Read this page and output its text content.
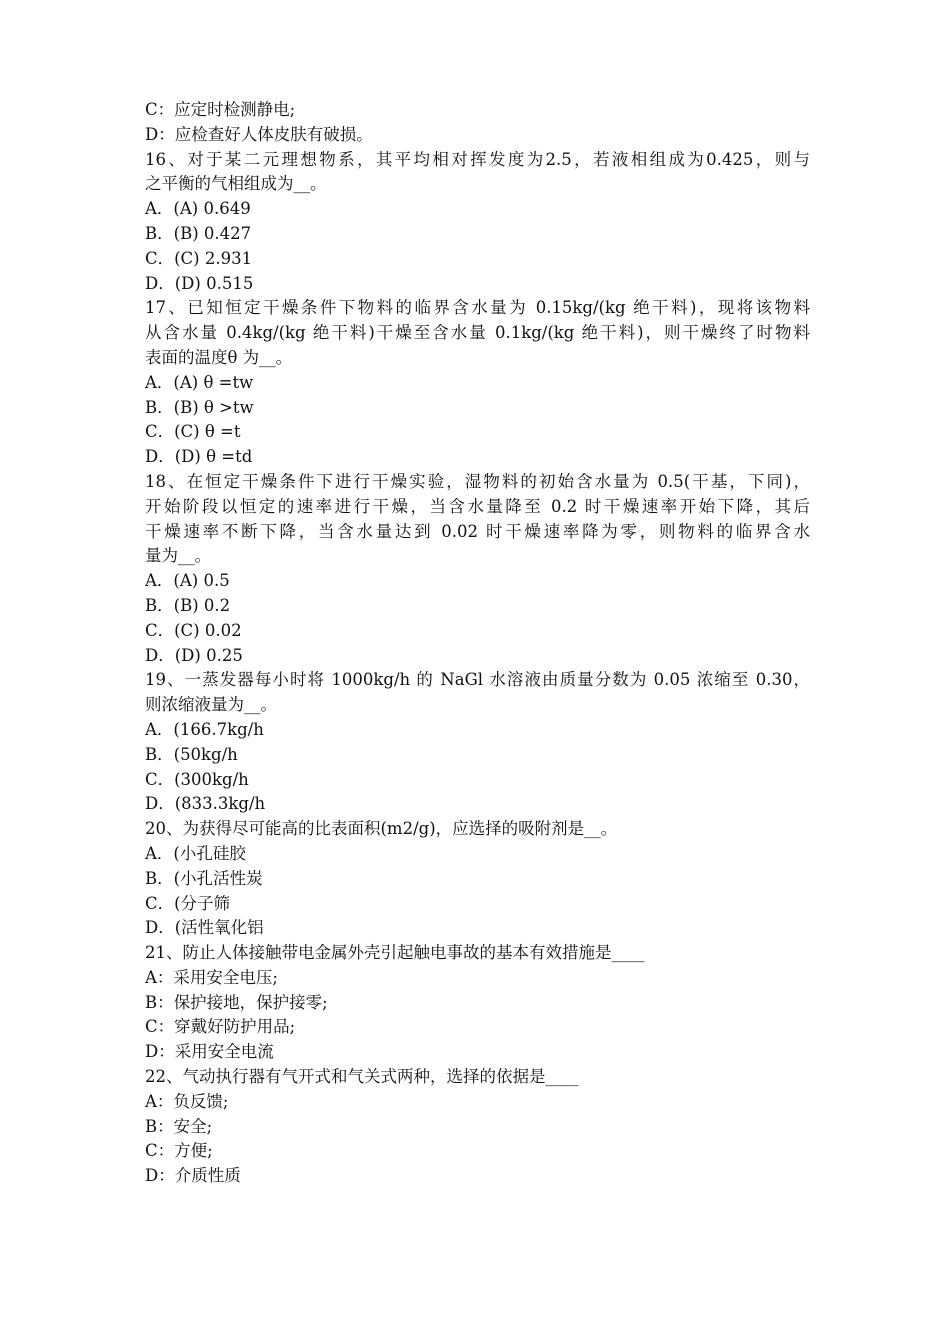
C：应定时检测静电;
D：应检查好人体皮肤有破损。
16、对于某二元理想物系，其平均相对挥发度为2.5，若液相组成为0.425，则与
之平衡的气相组成为__。
A．(A) 0.649
B．(B) 0.427
C．(C) 2.931
D．(D) 0.515
17、已知恒定干燥条件下物料的临界含水量为 0.15kg/(kg 绝干料)，现将该物料
从含水量 0.4kg/(kg 绝干料)干燥至含水量 0.1kg/(kg 绝干料)，则干燥终了时物料
表面的温度θ 为__。
A．(A) θ =tw
B．(B) θ >tw
C．(C) θ =t
D．(D) θ =td
18、在恒定干燥条件下进行干燥实验，湿物料的初始含水量为 0.5(干基，下同)，
开始阶段以恒定的速率进行干燥，当含水量降至 0.2 时干燥速率开始下降，其后
干燥速率不断下降，当含水量达到 0.02 时干燥速率降为零，则物料的临界含水
量为__。
A．(A) 0.5
B．(B) 0.2
C．(C) 0.02
D．(D) 0.25
19、一蒸发器每小时将 1000kg/h 的 NaGl 水溶液由质量分数为 0.05 浓缩至 0.30，
则浓缩液量为__。
A．(166.7kg/h
B．(50kg/h
C．(300kg/h
D．(833.3kg/h
20、为获得尽可能高的比表面积(m2/g)，应选择的吸附剂是__。
A．(小孔硅胶
B．(小孔活性炭
C．(分子筛
D．(活性氧化铝
21、防止人体接触带电金属外壳引起触电事故的基本有效措施是____
A：采用安全电压;
B：保护接地，保护接零;
C：穿戴好防护用品;
D：采用安全电流
22、气动执行器有气开式和气关式两种，选择的依据是____
A：负反馈;
B：安全;
C：方便;
D：介质性质
